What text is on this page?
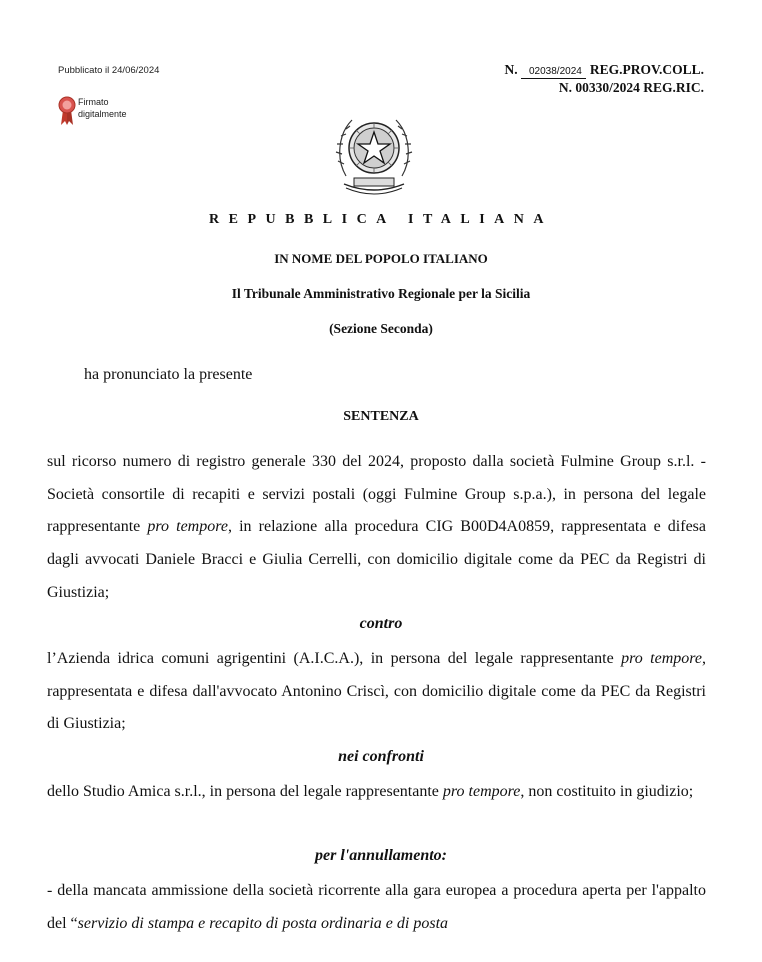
Pubblicato il 24/06/2024
Firmato
digitalmente
N. 02038/2024 REG.PROV.COLL.
N. 00330/2024 REG.RIC.
REPUBBLICA ITALIANA
IN NOME DEL POPOLO ITALIANO
Il Tribunale Amministrativo Regionale per la Sicilia
(Sezione Seconda)
ha pronunciato la presente
SENTENZA
sul ricorso numero di registro generale 330 del 2024, proposto dalla società Fulmine Group s.r.l. -Società consortile di recapiti e servizi postali (oggi Fulmine Group s.p.a.), in persona del legale rappresentante pro tempore, in relazione alla procedura CIG B00D4A0859, rappresentata e difesa dagli avvocati Daniele Bracci e Giulia Cerrelli, con domicilio digitale come da PEC da Registri di Giustizia;
contro
l’Azienda idrica comuni agrigentini (A.I.C.A.), in persona del legale rappresentante pro tempore, rappresentata e difesa dall'avvocato Antonino Criscì, con domicilio digitale come da PEC da Registri di Giustizia;
nei confronti
dello Studio Amica s.r.l., in persona del legale rappresentante pro tempore, non costituito in giudizio;
per l'annullamento:
- della mancata ammissione della società ricorrente alla gara europea a procedura aperta per l'appalto del “servizio di stampa e recapito di posta ordinaria e di posta
